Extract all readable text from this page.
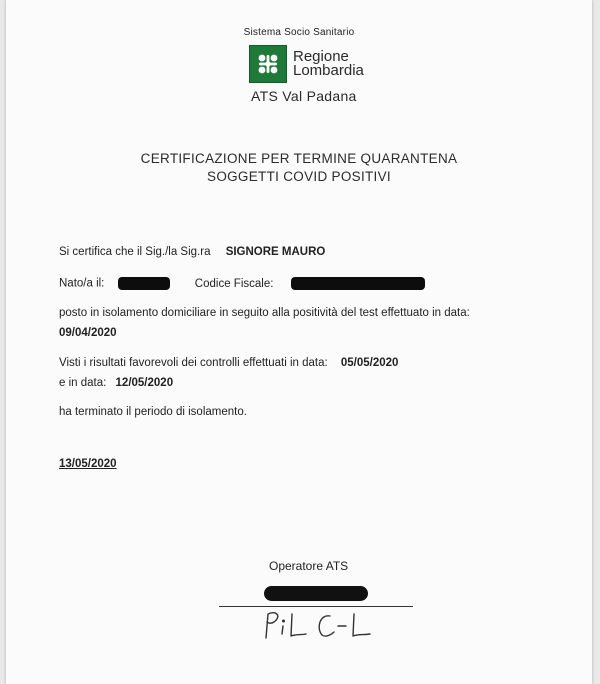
Sistema Socio Sanitario
Regione
Lombardia
ATS Val Padana
CERTIFICAZIONE PER TERMINE QUARANTENA
SOGGETTI COVID POSITIVI
Si certifica che il Sig./la Sig.ra SIGNORE MAURO
Nato/a il:	Codice Fiscale:
posto in isolamento domiciliare in seguito alla positività del test effettuato in data:
09/04/2020
Visti i risultati favorevoli dei controlli effettuati in data: 05/05/2020
e in data: 12/05/2020
ha terminato il periodo di isolamento.
13/05/2020
Operatore ATS
